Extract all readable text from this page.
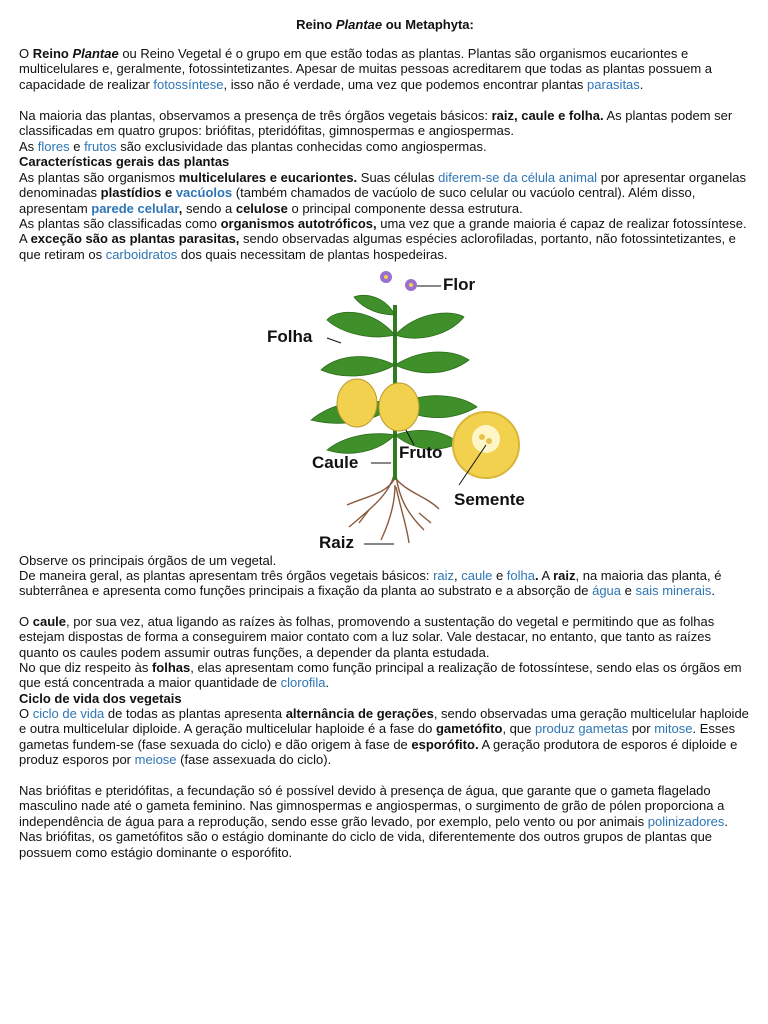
Reino Plantae ou Metaphyta:
O Reino Plantae ou Reino Vegetal é o grupo em que estão todas as plantas. Plantas são organismos eucariontes e multicelulares e, geralmente, fotossintetizantes. Apesar de muitas pessoas acreditarem que todas as plantas possuem a capacidade de realizar fotossíntese, isso não é verdade, uma vez que podemos encontrar plantas parasitas.
Na maioria das plantas, observamos a presença de três órgãos vegetais básicos: raiz, caule e folha. As plantas podem ser classificadas em quatro grupos: briófitas, pteridófitas, gimnospermas e angiospermas.
As flores e frutos são exclusividade das plantas conhecidas como angiospermas.
Características gerais das plantas
As plantas são organismos multicelulares e eucariontes. Suas células diferem-se da célula animal por apresentar organelas denominadas plastídios e vacúolos (também chamados de vacúolo de suco celular ou vacúolo central). Além disso, apresentam parede celular, sendo a celulose o principal componente dessa estrutura.
As plantas são classificadas como organismos autotróficos, uma vez que a grande maioria é capaz de realizar fotossíntese. A exceção são as plantas parasitas, sendo observadas algumas espécies aclorofiladas, portanto, não fotossintetizantes, e que retiram os carboidratos dos quais necessitam de plantas hospedeiras.
Flor
Folha
Caule
Fruto
Semente
Raiz
Observe os principais órgãos de um vegetal.
De maneira geral, as plantas apresentam três órgãos vegetais básicos: raiz, caule e folha. A raiz, na maioria das planta, é subterrânea e apresenta como funções principais a fixação da planta ao substrato e a absorção de água e sais minerais.
O caule, por sua vez, atua ligando as raízes às folhas, promovendo a sustentação do vegetal e permitindo que as folhas estejam dispostas de forma a conseguirem maior contato com a luz solar. Vale destacar, no entanto, que tanto as raízes quanto os caules podem assumir outras funções, a depender da planta estudada.
No que diz respeito às folhas, elas apresentam como função principal a realização de fotossíntese, sendo elas os órgãos em que está concentrada a maior quantidade de clorofila.
Ciclo de vida dos vegetais
O ciclo de vida de todas as plantas apresenta alternância de gerações, sendo observadas uma geração multicelular haploide e outra multicelular diploide. A geração multicelular haploide é a fase do gametófito, que produz gametas por mitose. Esses gametas fundem-se (fase sexuada do ciclo) e dão origem à fase de esporófito. A geração produtora de esporos é diploide e produz esporos por meiose (fase assexuada do ciclo).
Nas briófitas e pteridófitas, a fecundação só é possível devido à presença de água, que garante que o gameta flagelado masculino nade até o gameta feminino. Nas gimnospermas e angiospermas, o surgimento de grão de pólen proporciona a independência de água para a reprodução, sendo esse grão levado, por exemplo, pelo vento ou por animais polinizadores. Nas briófitas, os gametófitos são o estágio dominante do ciclo de vida, diferentemente dos outros grupos de plantas que possuem como estágio dominante o esporófito.
